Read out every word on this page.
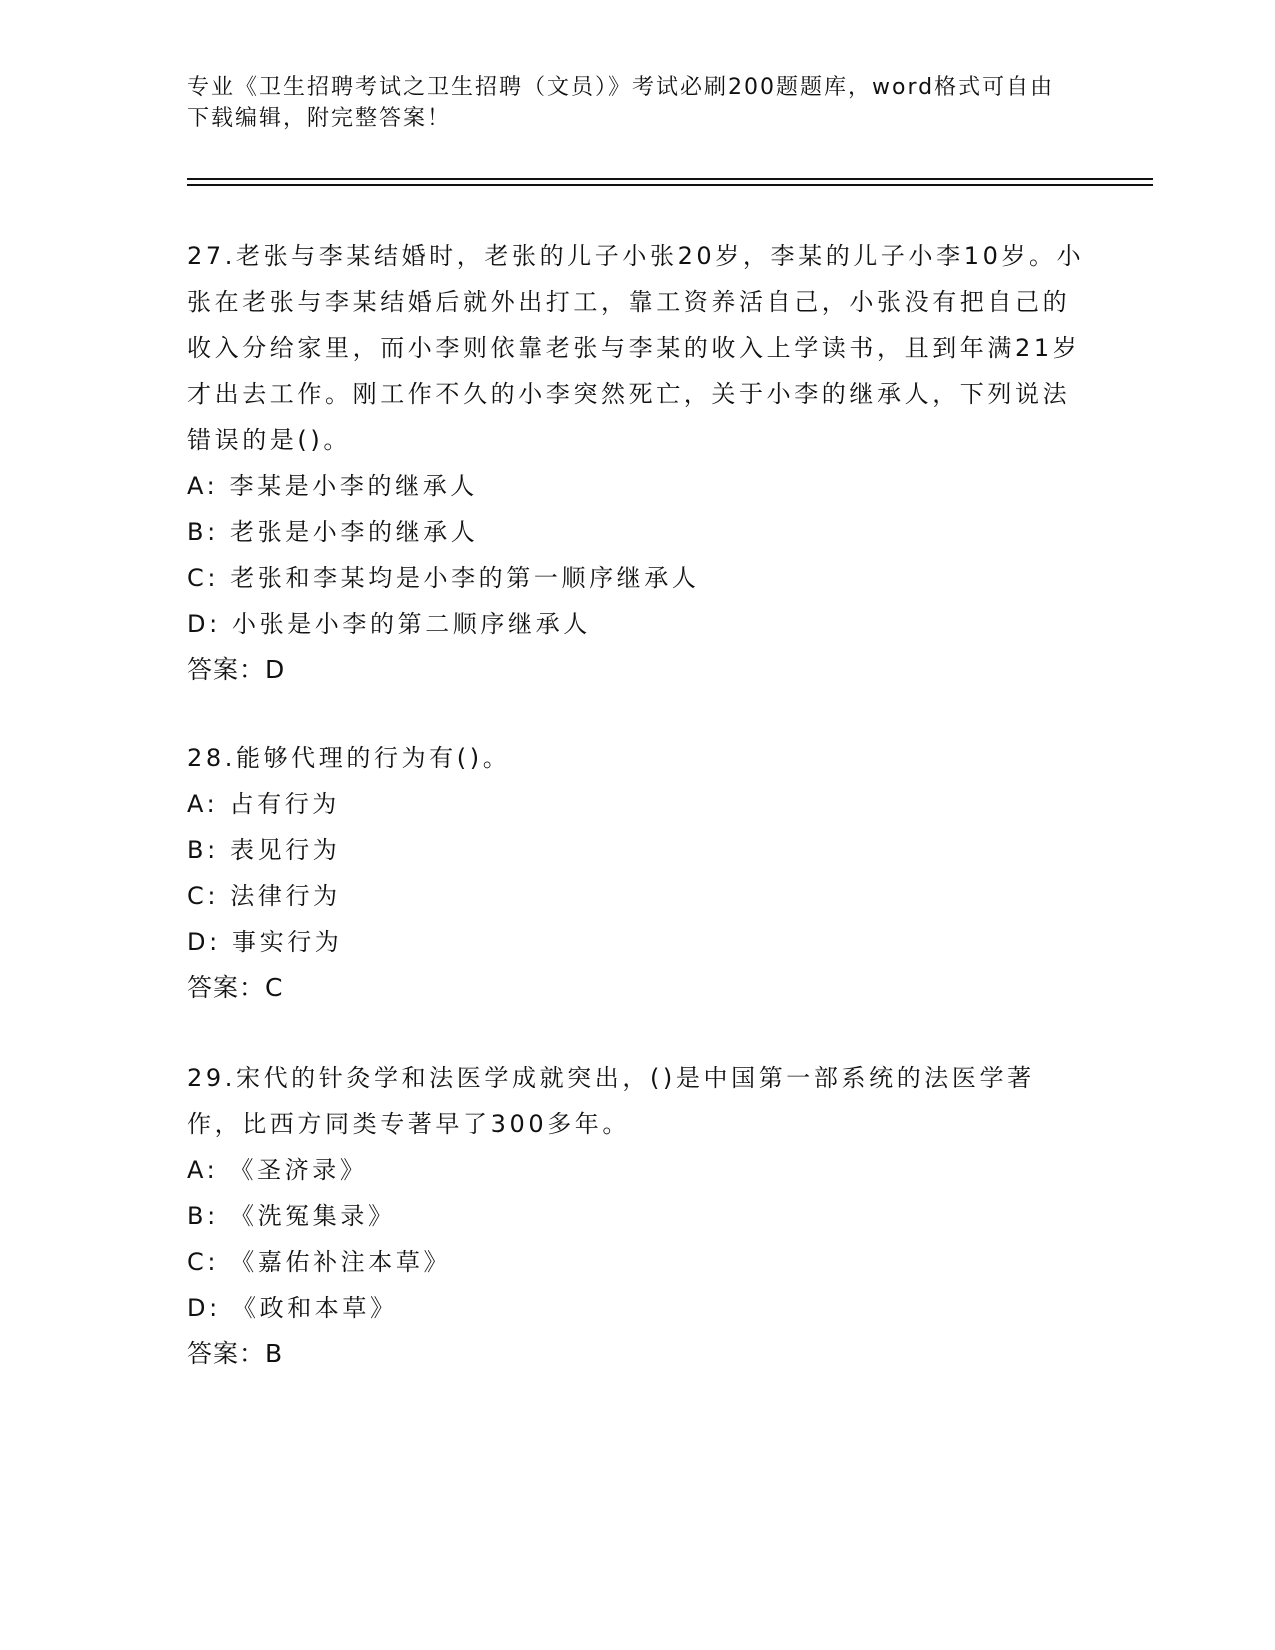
专业《卫生招聘考试之卫生招聘（文员）》考试必刷200题题库，word格式可自由下载编辑，附完整答案！
27.老张与李某结婚时，老张的儿子小张20岁，李某的儿子小李10岁。小张在老张与李某结婚后就外出打工，靠工资养活自己，小张没有把自己的收入分给家里，而小李则依靠老张与李某的收入上学读书，且到年满21岁才出去工作。刚工作不久的小李突然死亡，关于小李的继承人，下列说法错误的是()。
A: 李某是小李的继承人
B: 老张是小李的继承人
C: 老张和李某均是小李的第一顺序继承人
D: 小张是小李的第二顺序继承人
答案：D
28.能够代理的行为有()。
A: 占有行为
B: 表见行为
C: 法律行为
D: 事实行为
答案：C
29.宋代的针灸学和法医学成就突出，()是中国第一部系统的法医学著作，比西方同类专著早了300多年。
A: 《圣济录》
B: 《洗冤集录》
C: 《嘉佑补注本草》
D: 《政和本草》
答案：B
